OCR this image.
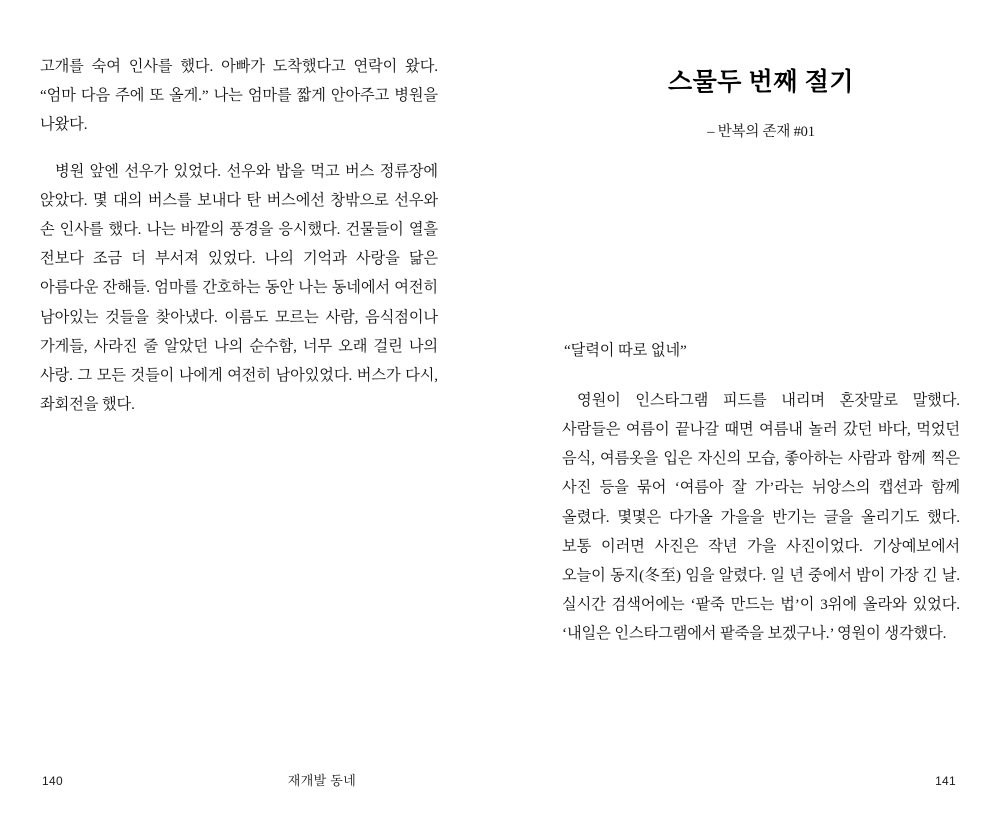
고개를 숙여 인사를 했다. 아빠가 도착했다고 연락이 왔다. “엄마 다음 주에 또 올게.” 나는 엄마를 짧게 안아주고 병원을 나왔다.

병원 앞엔 선우가 있었다. 선우와 밥을 먹고 버스 정류장에 앉았다. 몇 대의 버스를 보내다 탄 버스에선 창밖으로 선우와 손 인사를 했다. 나는 바깥의 풍경을 응시했다. 건물들이 열흘 전보다 조금 더 부서져 있었다. 나의 기억과 사랑을 닮은 아름다운 잔해들. 엄마를 간호하는 동안 나는 동네에서 여전히 남아있는 것들을 찾아냈다. 이름도 모르는 사람, 음식점이나 가게들, 사라진 줄 알았던 나의 순수함, 너무 오래 걸린 나의 사랑. 그 모든 것들이 나에게 여전히 남아있었다. 버스가 다시, 좌회전을 했다.

140	재개발 동네
스물두 번째 절기
– 반복의 존재 #01

“달력이 따로 없네”

영원이 인스타그램 피드를 내리며 혼잣말로 말했다. 사람들은 여름이 끝나갈 때면 여름내 놀러 갔던 바다, 먹었던 음식, 여름옷을 입은 자신의 모습, 좋아하는 사람과 함께 찍은 사진 등을 묶어 ‘여름아 잘 가’라는 뉘앙스의 캡션과 함께 올렸다. 몇몇은 다가올 가을을 반기는 글을 올리기도 했다. 보통 이러면 사진은 작년 가을 사진이었다. 기상예보에서 오늘이 동지(冬至) 임을 알렸다. 일 년 중에서 밤이 가장 긴 날. 실시간 검색어에는 ‘팥죽 만드는 법’이 3위에 올라와 있었다. ‘내일은 인스타그램에서 팥죽을 보겠구나.’ 영원이 생각했다.

141
